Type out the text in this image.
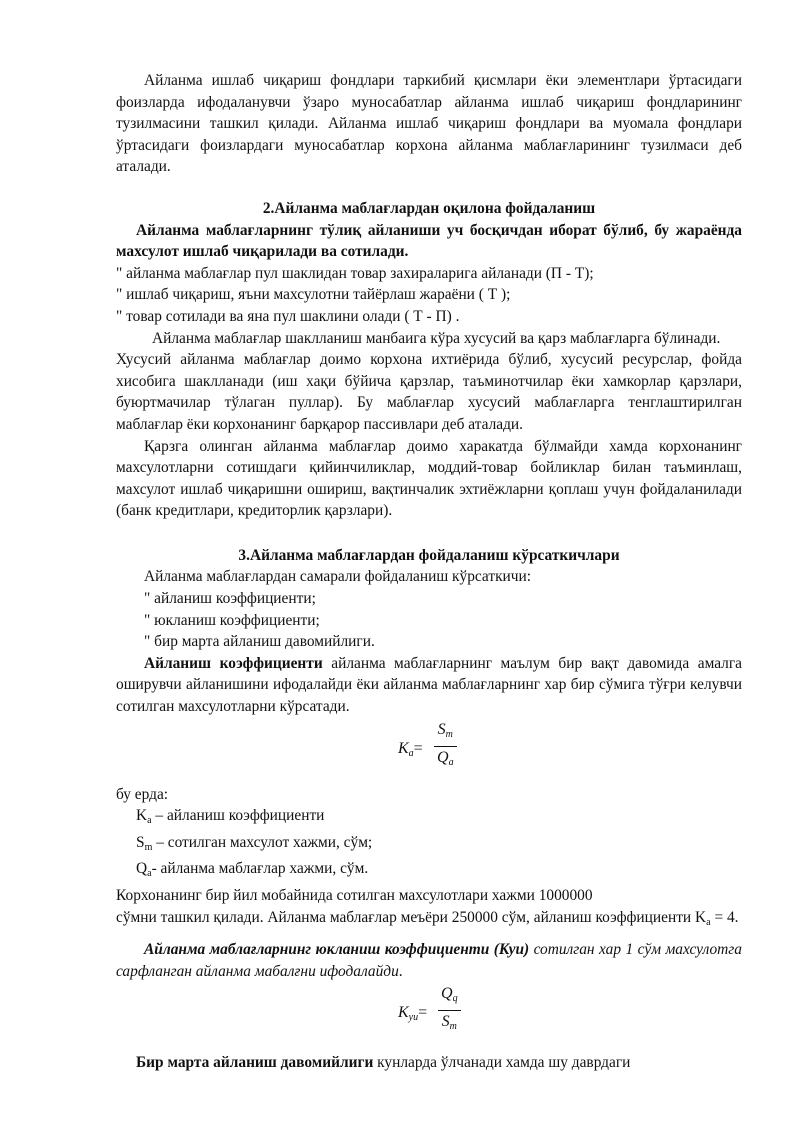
Айланма ишлаб чиқариш фондлари таркибий қисмлари ёки элементлари ўртасидаги фоизларда ифодаланувчи ўзаро муносабатлар айланма ишлаб чиқариш фондларининг тузилмасини ташкил қилади. Айланма ишлаб чиқариш фондлари ва муомала фондлари ўртасидаги фоизлардаги муносабатлар корхона айланма маблағларининг тузилмаси деб аталади.

2.Айланма маблағлардан оқилона фойдаланиш

Айланма маблағларнинг тўлиқ айланиши уч босқичдан иборат бўлиб, бу жараёнда махсулот ишлаб чиқарилади ва сотилади.

" айланма маблағлар пул шаклидан товар захираларига айланади (П - Т);

" ишлаб чиқариш, яъни махсулотни тайёрлаш жараёни ( Т );

" товар сотилади ва яна пул шаклини олади ( Т - П) .

Айланма маблағлар шаклланиш манбаига кўра хусусий ва қарз маблағларга бўлинади.

Хусусий айланма маблағлар доимо корхона ихтиёрида бўлиб, хусусий ресурслар, фойда хисобига шаклланади (иш хақи бўйича қарзлар, таъминотчилар ёки хамкорлар қарзлари, буюртмачилар тўлаган пуллар). Бу маблағлар хусусий маблағларга тенглаштирилган маблағлар ёки корхонанинг барқарор пассивлари деб аталади.

Қарзга олинган айланма маблағлар доимо харакатда бўлмайди хамда корхонанинг махсулотларни сотишдаги қийинчиликлар, моддий-товар бойликлар билан таъминлаш, махсулот ишлаб чиқаришни ошириш, вақтинчалик эхтиёжларни қоплаш учун фойдаланилади (банк кредитлари, кредиторлик қарзлари).

3.Айланма маблағлардан фойдаланиш кўрсаткичлари

Айланма маблағлардан самарали фойдаланиш кўрсаткичи:

" айланиш коэффициенти;

" юкланиш коэффициенти;

" бир марта айланиш давомийлиги.

Айланиш коэффициенти айланма маблағларнинг маълум бир вақт давомида амалга оширувчи айланишини ифодалайди ёки айланма маблағларнинг хар бир сўмига тўғри келувчи сотилган махсулотларни кўрсатади.

$K_a=$
$S_m$
$Q_a$

бу ерда:

$K_a$ – айланиш коэффициенти

$S_m$ – сотилган махсулот хажми, сўм;

$Q_a-$ айланма маблағлар хажми, сўм.

Корхонанинг бир йил мобайнида сотилган махсулотлари хажми 1000000

сўмни ташкил қилади. Айланма маблағлар меъёри 250000 сўм, айланиш коэффициенти $K_a = 4$.

Айланма маблағларнинг юкланиш коэффициенти (Куи) сотилган хар 1 сўм махсулотга сарфланган айланма мабалғни ифодалайди.

$K_{уи}=$
$Q_q$
$S_m$

Бир марта айланиш давомийлиги кунларда ўлчанади хамда шу даврдаги
